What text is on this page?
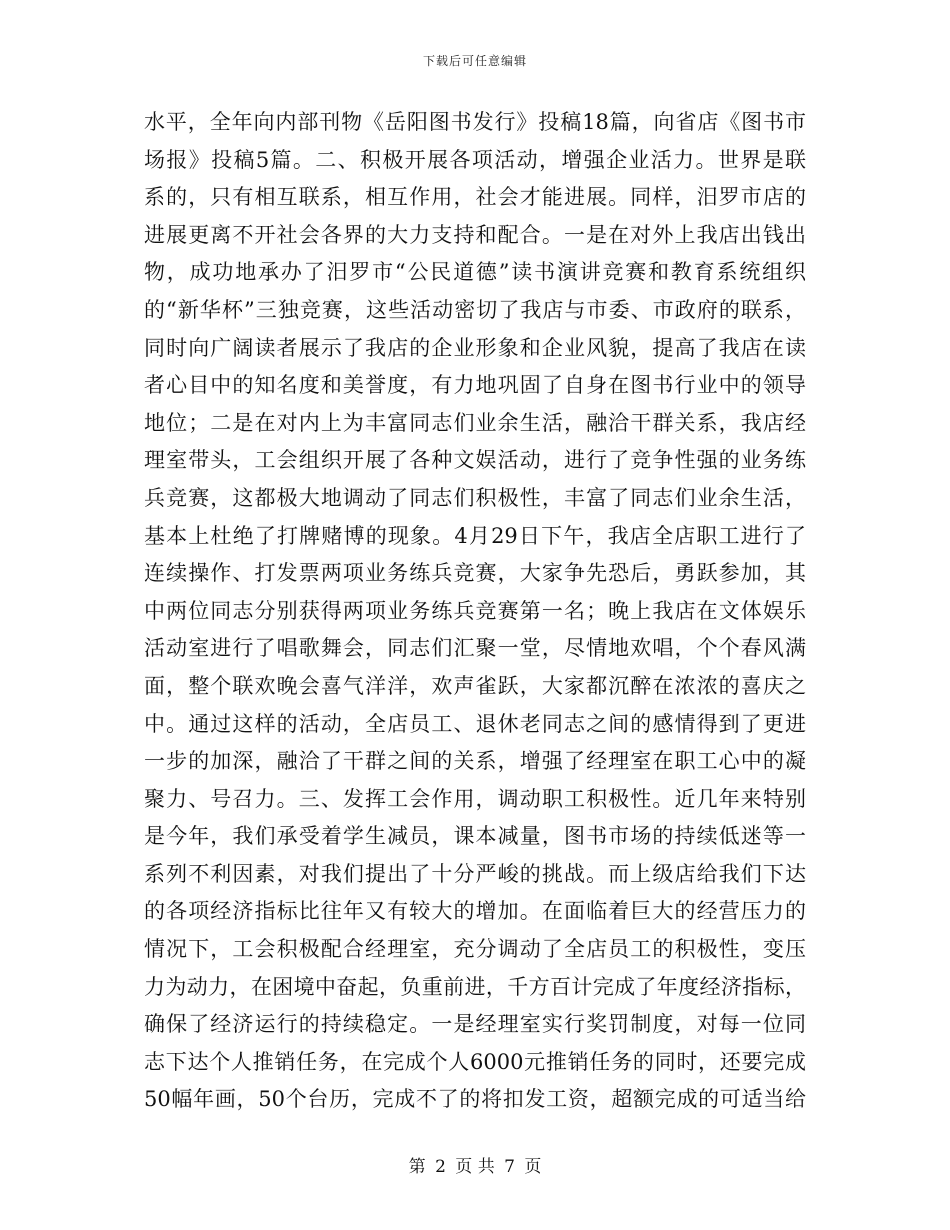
下载后可任意编辑
水平，全年向内部刊物《岳阳图书发行》投稿18篇，向省店《图书市
场报》投稿5篇。二、积极开展各项活动，增强企业活力。世界是联
系的，只有相互联系，相互作用，社会才能进展。同样，汨罗市店的
进展更离不开社会各界的大力支持和配合。一是在对外上我店出钱出
物，成功地承办了汨罗市“公民道德”读书演讲竞赛和教育系统组织
的“新华杯”三独竞赛，这些活动密切了我店与市委、市政府的联系，
同时向广阔读者展示了我店的企业形象和企业风貌，提高了我店在读
者心目中的知名度和美誉度，有力地巩固了自身在图书行业中的领导
地位；二是在对内上为丰富同志们业余生活，融洽干群关系，我店经
理室带头，工会组织开展了各种文娱活动，进行了竞争性强的业务练
兵竞赛，这都极大地调动了同志们积极性，丰富了同志们业余生活，
基本上杜绝了打牌赌博的现象。4月29日下午，我店全店职工进行了
连续操作、打发票两项业务练兵竞赛，大家争先恐后，勇跃参加，其
中两位同志分别获得两项业务练兵竞赛第一名；晚上我店在文体娱乐
活动室进行了唱歌舞会，同志们汇聚一堂，尽情地欢唱，个个春风满
面，整个联欢晚会喜气洋洋，欢声雀跃，大家都沉醉在浓浓的喜庆之
中。通过这样的活动，全店员工、退休老同志之间的感情得到了更进
一步的加深，融洽了干群之间的关系，增强了经理室在职工心中的凝
聚力、号召力。三、发挥工会作用，调动职工积极性。近几年来特别
是今年，我们承受着学生减员，课本减量，图书市场的持续低迷等一
系列不利因素，对我们提出了十分严峻的挑战。而上级店给我们下达
的各项经济指标比往年又有较大的增加。在面临着巨大的经营压力的
情况下，工会积极配合经理室，充分调动了全店员工的积极性，变压
力为动力，在困境中奋起，负重前进，千方百计完成了年度经济指标，
确保了经济运行的持续稳定。一是经理室实行奖罚制度，对每一位同
志下达个人推销任务，在完成个人6000元推销任务的同时，还要完成
50幅年画，50个台历，完成不了的将扣发工资，超额完成的可适当给
第 2 页 共 7 页
